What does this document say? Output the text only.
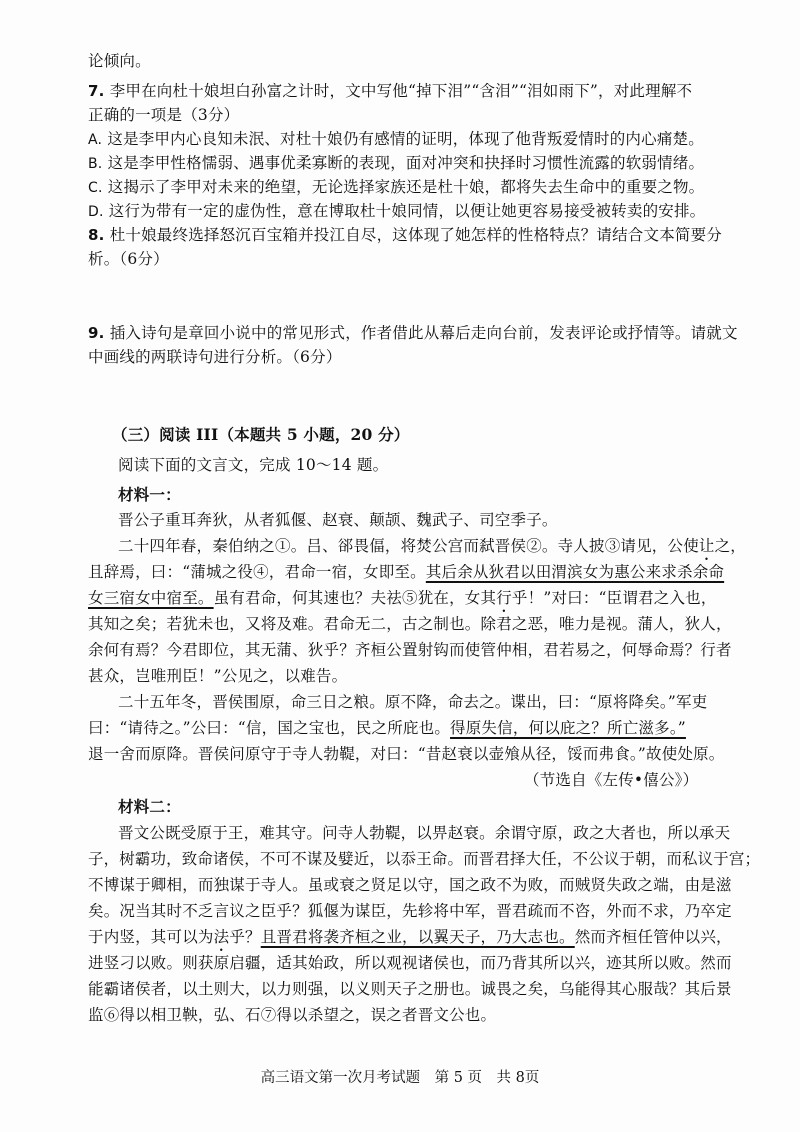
论倾向。
7. 李甲在向杜十娘坦白孙富之计时，文中写他“掉下泪”“含泪”“泪如雨下”，对此理解不
正确的一项是（3分）
A. 这是李甲内心良知未泯、对杜十娘仍有感情的证明，体现了他背叛爱情时的内心痛楚。
B. 这是李甲性格懦弱、遇事优柔寡断的表现，面对冲突和抉择时习惯性流露的软弱情绪。
C. 这揭示了李甲对未来的绝望，无论选择家族还是杜十娘，都将失去生命中的重要之物。
D. 这行为带有一定的虚伪性，意在博取杜十娘同情，以便让她更容易接受被转卖的安排。
8. 杜十娘最终选择怒沉百宝箱并投江自尽，这体现了她怎样的性格特点？请结合文本简要分
析。（6分）
9. 插入诗句是章回小说中的常见形式，作者借此从幕后走向台前，发表评论或抒情等。请就文
中画线的两联诗句进行分析。（6分）
（三）阅读 III（本题共 5 小题，20 分）
阅读下面的文言文，完成 10～14 题。
材料一：
晋公子重耳奔狄，从者狐偃、赵衰、颠颉、魏武子、司空季子。
二十四年春，秦伯纳之①。吕、郤畏偪，将焚公宫而弑晋侯②。寺人披③请见，公使让之，
且辞焉，曰：“蒲城之役④，君命一宿，女即至。其后余从狄君以田渭滨女为惠公来求杀余命
女三宿女中宿至。虽有君命，何其速也？夫祛⑤犹在，女其行乎！”对曰：“臣谓君之入也，
其知之矣；若犹未也，又将及难。君命无二，古之制也。除君之恶，唯力是视。蒲人，狄人，
余何有焉？今君即位，其无蒲、狄乎？齐桓公置射钩而使管仲相，君若易之，何辱命焉？行者
甚众，岂唯刑臣！”公见之，以难告。
二十五年冬，晋侯围原，命三日之粮。原不降，命去之。谍出，曰：“原将降矣。”军吏
曰：“请待之。”公曰：“信，国之宝也，民之所庇也。得原失信，何以庇之？所亡滋多。”
退一舍而原降。晋侯问原守于寺人勃鞮，对曰：“昔赵衰以壶飧从径，馁而弗食。”故使处原。
（节选自《左传•僖公》）
材料二：
晋文公既受原于王，难其守。问寺人勃鞮，以畀赵衰。余谓守原，政之大者也，所以承天
子，树霸功，致命诸侯，不可不谋及嬖近，以忝王命。而晋君择大任，不公议于朝，而私议于宫；
不博谋于卿相，而独谋于寺人。虽或衰之贤足以守，国之政不为败，而贼贤失政之端，由是滋
矣。况当其时不乏言议之臣乎？狐偃为谋臣，先轸将中军，晋君疏而不咨，外而不求，乃卒定
于内竖，其可以为法乎？且晋君将袭齐桓之业，以翼天子，乃大志也。然而齐桓任管仲以兴，
进竖刁以败。则获原启疆，适其始政，所以观视诸侯也，而乃背其所以兴，迹其所以败。然而
能霸诸侯者，以土则大，以力则强，以义则天子之册也。诚畏之矣，乌能得其心服哉？其后景
监⑥得以相卫鞅，弘、石⑦得以杀望之，误之者晋文公也。
高三语文第一次月考试题　第 5 页　共 8页
